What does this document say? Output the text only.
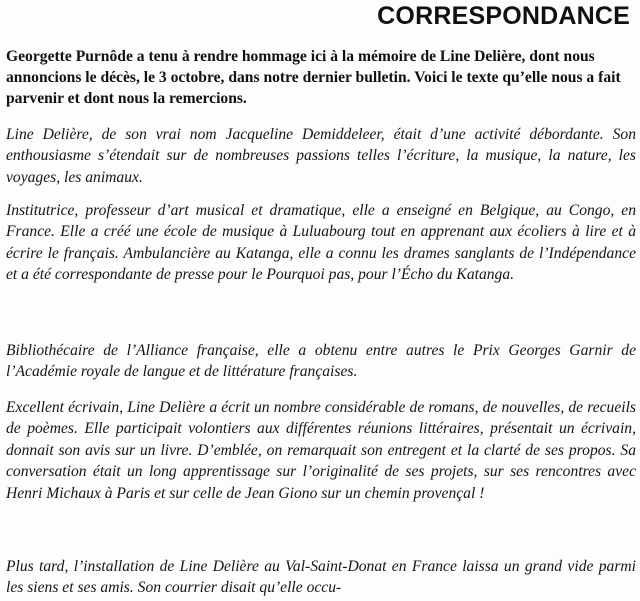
CORRESPONDANCE

Georgette Purnôde a tenu à rendre hommage ici à la mémoire de Line Delière, dont nous annoncions le décès, le 3 octobre, dans notre dernier bulletin. Voici le texte qu’elle nous a fait parvenir et dont nous la remercions.

Line Delière, de son vrai nom Jacqueline Demiddeleer, était d’une activité débordante. Son enthousiasme s’étendait sur de nombreuses passions telles l’écriture, la musique, la nature, les voyages, les animaux.

Institutrice, professeur d’art musical et dramatique, elle a enseigné en Belgique, au Congo, en France. Elle a créé une école de musique à Luluabourg tout en apprenant aux écoliers à lire et à écrire le français. Ambulancière au Katanga, elle a connu les drames sanglants de l’Indépendance et a été correspondante de presse pour le Pourquoi pas, pour l’Écho du Katanga.

Bibliothécaire de l’Alliance française, elle a obtenu entre autres le Prix Georges Garnir de l’Académie royale de langue et de littérature françaises.

Excellent écrivain, Line Delière a écrit un nombre considérable de romans, de nouvelles, de recueils de poèmes. Elle participait volontiers aux différentes réunions littéraires, présentait un écrivain, donnait son avis sur un livre. D’emblée, on remarquait son entregent et la clarté de ses propos. Sa conversation était un long apprentissage sur l’originalité de ses projets, sur ses rencontres avec Henri Michaux à Paris et sur celle de Jean Giono sur un chemin provençal !

Plus tard, l’installation de Line Delière au Val-Saint-Donat en France laissa un grand vide parmi les siens et ses amis. Son courrier disait qu’elle occu-
